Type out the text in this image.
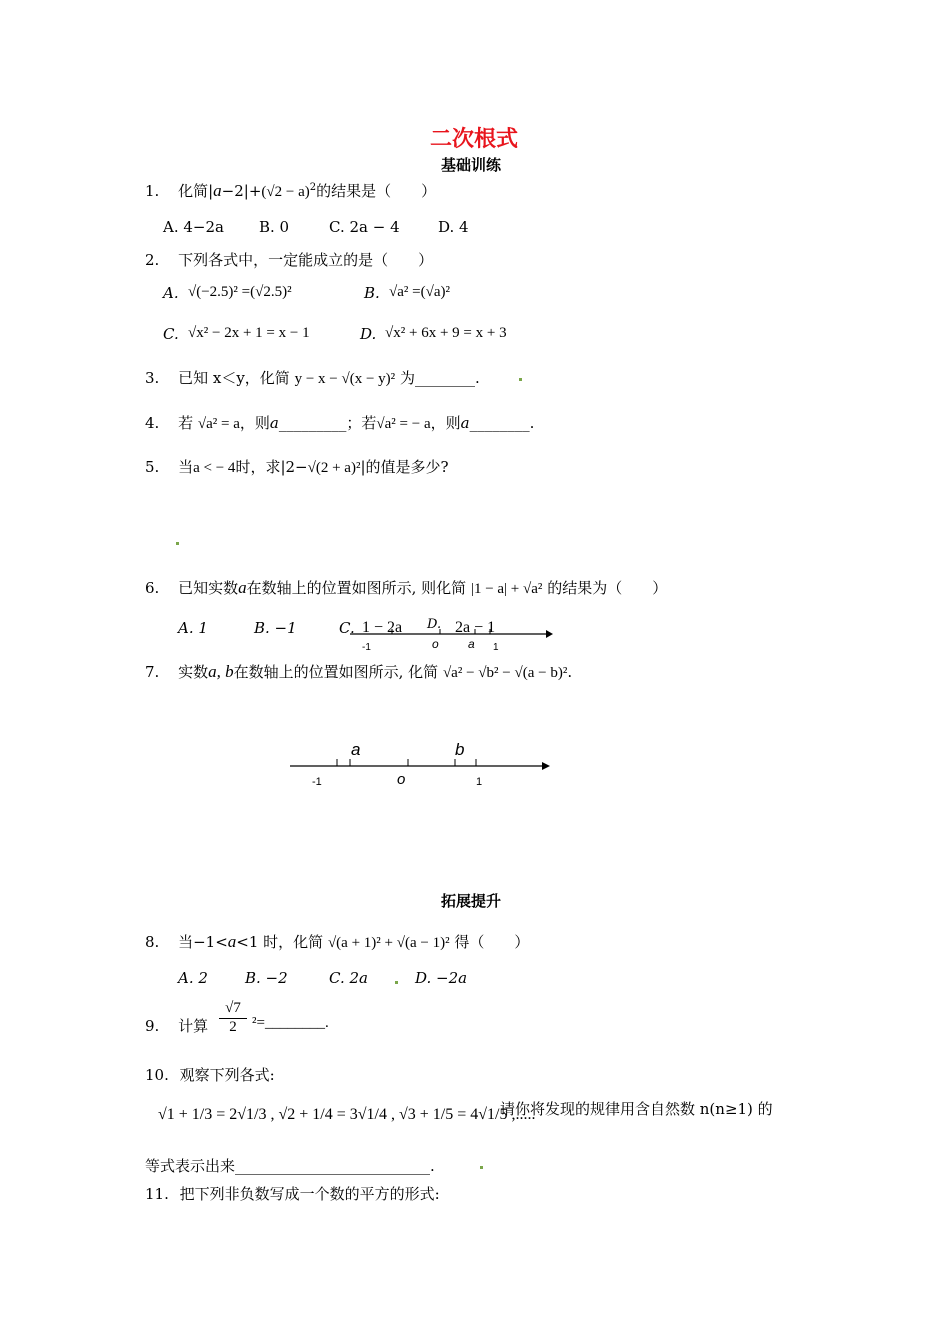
二次根式
基础训练
1. 化简$|a-2|+(√2 - a)^2$的结果是（　　）
A. 4−2a B. 0	C. 2a − 4	D. 4
2. 下列各式中，一定能成立的是（　　）
A. √(−2.5)² =(√2.5)²	B. √a² =(√a)²
C. √x² − 2x + 1 = x − 1	D. √x² + 6x + 9 = x + 3
3. 已知 x＜y，化简 y − x − √(x − y)² 为________.
4. 若 √a² = a，则a_________；若√a² = − a，则a________.
5. 当a < − 4时，求|2−√(2 + a)²|的值是多少?
6. 已知实数a在数轴上的位置如图所示, 则化简 |1 − a| + √a² 的结果为（　　）
A. 1	B. −1	C. 1 − 2a D. 2a − 1
-1	o a 1
7. 实数a, b在数轴上的位置如图所示, 化简 √a² − √b² − √(a − b)².
a	b
-1	o	1
拓展提升
8. 当−1<a<1 时，化简 √(a + 1)² + √(a − 1)² 得（　　）
A. 2 B. −2	C. 2a	D. −2a
9. 计算
√7
2	²=________.
10. 观察下列各式:
√1 + 1/3 = 2√1/3 , √2 + 1/4 = 3√1/4 , √3 + 1/5 = 4√1/5 ,.....
请你将发现的规律用含自然数 n(n≥1) 的
等式表示出来__________________________.
11. 把下列非负数写成一个数的平方的形式:
